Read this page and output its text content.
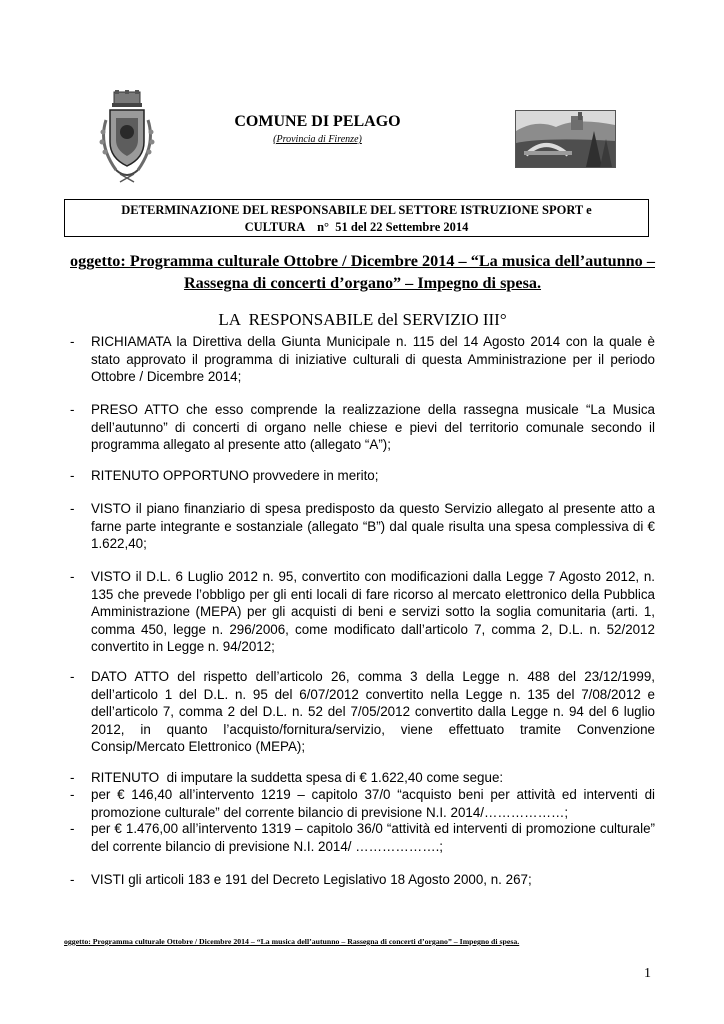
COMUNE DI PELAGO
(Provincia di Firenze)
DETERMINAZIONE DEL RESPONSABILE DEL SETTORE ISTRUZIONE SPORT e
CULTURA    n°  51 del 22 Settembre 2014
oggetto: Programma culturale Ottobre / Dicembre 2014 – “La musica dell’autunno – Rassegna di concerti d’organo” – Impegno di spesa.
LA  RESPONSABILE del SERVIZIO III°
- RICHIAMATA la Direttiva della Giunta Municipale n. 115 del 14 Agosto 2014 con la quale è stato approvato il programma di iniziative culturali di questa Amministrazione per il periodo Ottobre / Dicembre 2014;
- PRESO ATTO che esso comprende la realizzazione della rassegna musicale “La Musica dell’autunno” di concerti di organo nelle chiese e pievi del territorio comunale secondo il programma allegato al presente atto (allegato “A”);
- RITENUTO OPPORTUNO provvedere in merito;
- VISTO il piano finanziario di spesa predisposto da questo Servizio allegato al presente atto a farne parte integrante e sostanziale (allegato “B”) dal quale risulta una spesa complessiva di € 1.622,40;
- VISTO il D.L. 6 Luglio 2012 n. 95, convertito con modificazioni dalla Legge 7 Agosto 2012, n. 135 che prevede l’obbligo per gli enti locali di fare ricorso al mercato elettronico della Pubblica Amministrazione (MEPA) per gli acquisti di beni e servizi sotto la soglia comunitaria (arti. 1, comma 450, legge n. 296/2006, come modificato dall’articolo 7, comma 2, D.L. n. 52/2012 convertito in Legge n. 94/2012;
- DATO ATTO del rispetto dell’articolo 26, comma 3 della Legge n. 488 del 23/12/1999, dell’articolo 1 del D.L. n. 95 del 6/07/2012 convertito nella Legge n. 135 del 7/08/2012 e dell’articolo 7, comma 2 del D.L. n. 52 del 7/05/2012 convertito dalla Legge n. 94 del 6 luglio 2012, in quanto l’acquisto/fornitura/servizio, viene effettuato tramite Convenzione Consip/Mercato Elettronico (MEPA);
- RITENUTO  di imputare la suddetta spesa di € 1.622,40 come segue:
- per € 146,40 all’intervento 1219 – capitolo 37/0 “acquisto beni per attività ed interventi di promozione culturale” del corrente bilancio di previsione N.I. 2014/………………;
- per € 1.476,00 all’intervento 1319 – capitolo 36/0 “attività ed interventi di promozione culturale” del corrente bilancio di previsione N.I. 2014/ ……………….;
- VISTI gli articoli 183 e 191 del Decreto Legislativo 18 Agosto 2000, n. 267;
oggetto: Programma culturale Ottobre / Dicembre 2014 – “La musica dell’autunno – Rassegna di concerti d’organo” – Impegno di spesa.
1
